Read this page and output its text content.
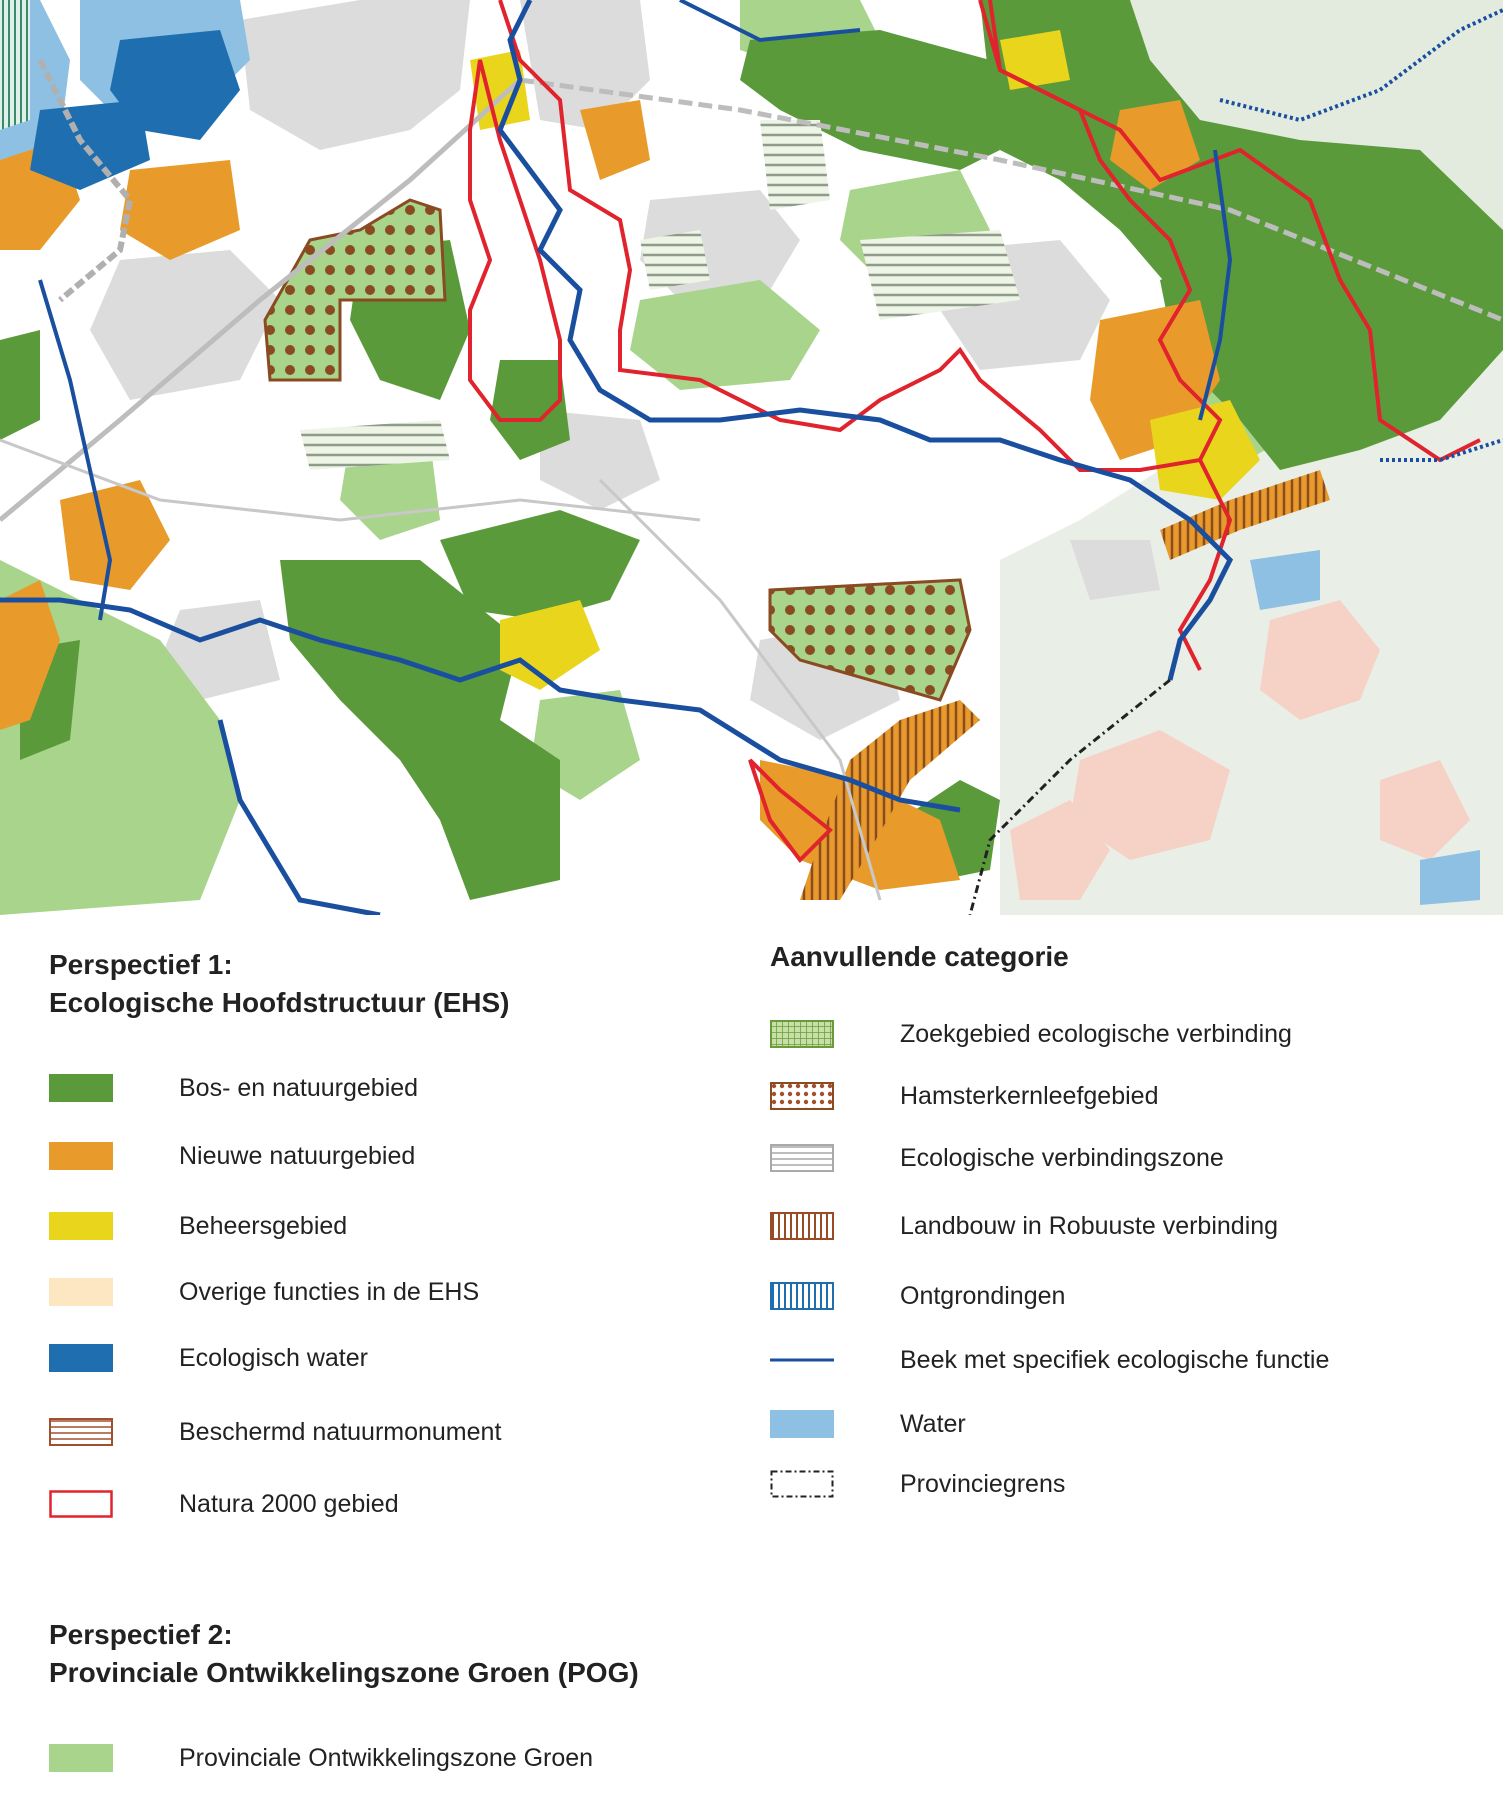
Perspectief 1:
Ecologische Hoofdstructuur (EHS)
Bos- en natuurgebied
Nieuwe natuurgebied
Beheersgebied
Overige functies in de EHS
Ecologisch water
Beschermd natuurmonument
Natura 2000 gebied
Aanvullende categorie
Zoekgebied ecologische verbinding
Hamsterkernleefgebied
Ecologische verbindingszone
Landbouw in Robuuste verbinding
Ontgrondingen
Beek met specifiek ecologische functie
Water
Provinciegrens
Perspectief 2:
Provinciale Ontwikkelingszone Groen (POG)
Provinciale Ontwikkelingszone Groen
